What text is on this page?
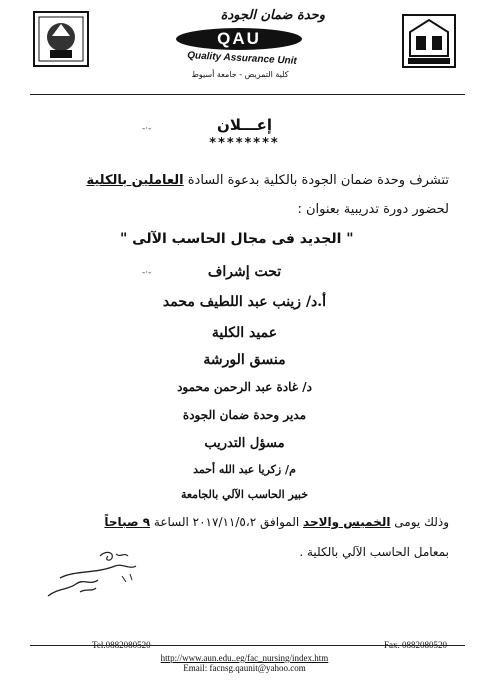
وحدة ضمان الجودة
QAU
Quality Assurance Unit
كلية التمريض - جامعة أسيوط
إعـــلان
********
تتشرف وحدة ضمان الجودة بالكلية بدعوة السادة العاملين بالكلية
لحضور دورة تدريبية بعنوان :
" الجديد فى مجال الحاسب الآلى "
تحت إشراف
أ.د/ زينب عبد اللطيف محمد
عميد الكلية
منسق الورشة
د/ غادة عبد الرحمن محمود
مدير وحدة ضمان الجودة
مسؤل التدريب
م/ زكريا عبد الله أحمد
خبير الحاسب الآلي بالجامعة
وذلك يومى الخميس والاحد الموافق ٢٠١٧/١١/٥،٢ الساعة ٩ صباحاً
بمعامل الحاسب الآلي بالكلية .
-·-
-·-
Tel.0882080520	Fax. 0882080520
http://www.aun.edu..eg/fac_nursing/index.htm
Email: facnsg.qaunit@yahoo.com
